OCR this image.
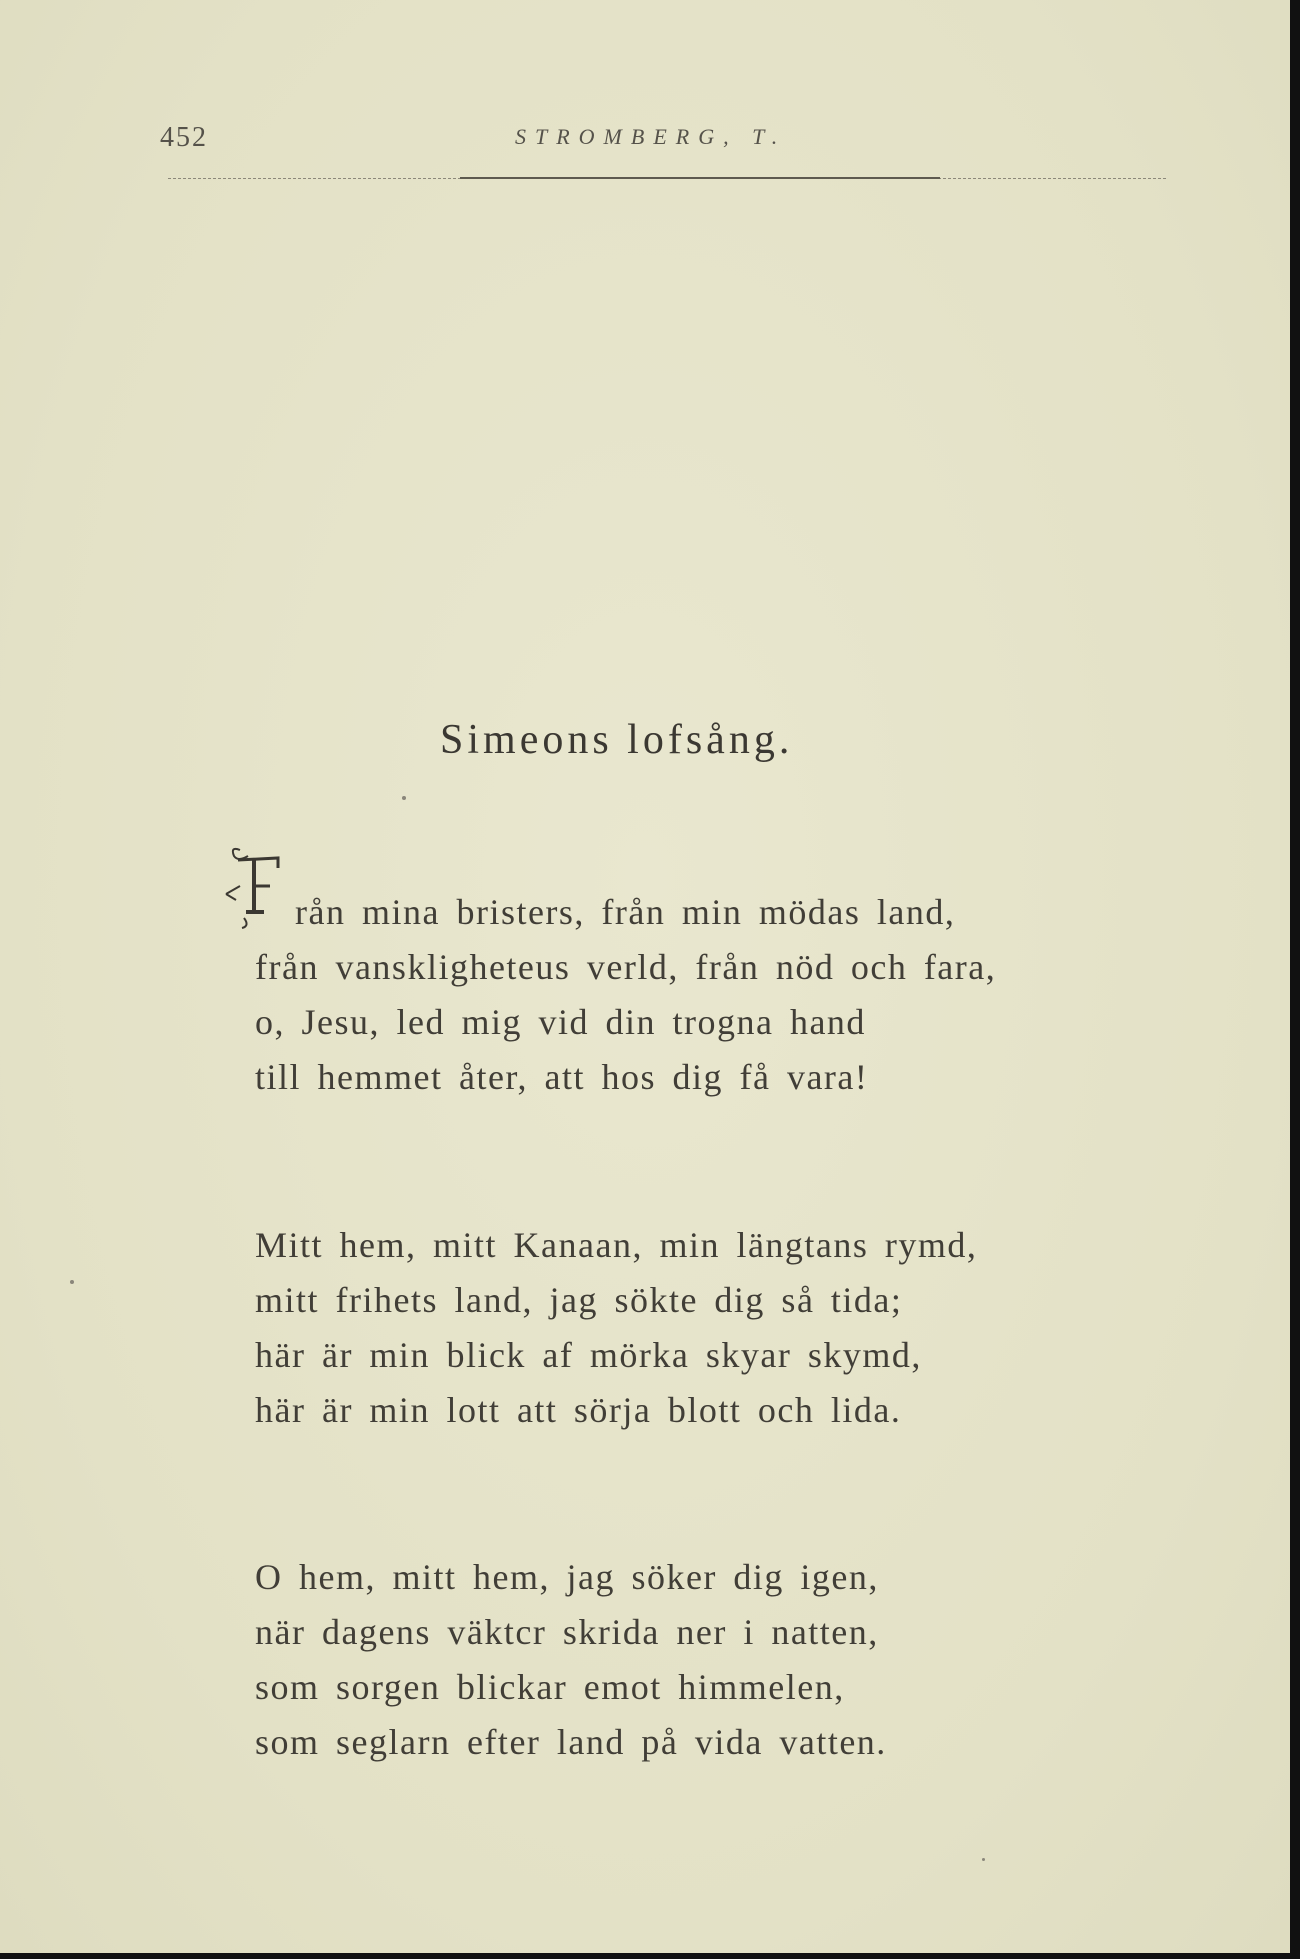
452	STROMBERG, T.
Simeons lofsång.
rån mina bristers, från min mödas land,
från vanskligheteus verld, från nöd och fara,
o, Jesu, led mig vid din trogna hand
till hemmet åter, att hos dig få vara!
Mitt hem, mitt Kanaan, min längtans rymd,
mitt frihets land, jag sökte dig så tida;
här är min blick af mörka skyar skymd,
här är min lott att sörja blott och lida.
O hem, mitt hem, jag söker dig igen,
när dagens väktcr skrida ner i natten,
som sorgen blickar emot himmelen,
som seglarn efter land på vida vatten.
